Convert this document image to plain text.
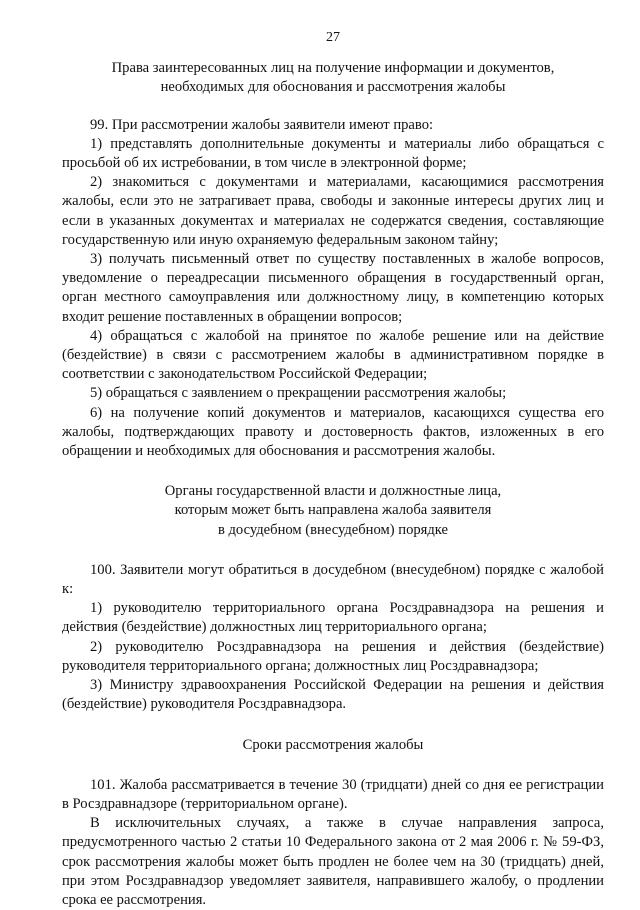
27
Права заинтересованных лиц на получение информации и документов,
необходимых для обоснования и рассмотрения жалобы

99. При рассмотрении жалобы заявители имеют право:

1) представлять дополнительные документы и материалы либо обращаться с просьбой об их истребовании, в том числе в электронной форме;

2) знакомиться с документами и материалами, касающимися рассмотрения жалобы, если это не затрагивает права, свободы и законные интересы других лиц и если в указанных документах и материалах не содержатся сведения, составляющие государственную или иную охраняемую федеральным законом тайну;

3) получать письменный ответ по существу поставленных в жалобе вопросов, уведомление о переадресации письменного обращения в государственный орган, орган местного самоуправления или должностному лицу, в компетенцию которых входит решение поставленных в обращении вопросов;

4) обращаться с жалобой на принятое по жалобе решение или на действие (бездействие) в связи с рассмотрением жалобы в административном порядке в соответствии с законодательством Российской Федерации;

5) обращаться с заявлением о прекращении рассмотрения жалобы;

6) на получение копий документов и материалов, касающихся существа его жалобы, подтверждающих правоту и достоверность фактов, изложенных в его обращении и необходимых для обоснования и рассмотрения жалобы.

Органы государственной власти и должностные лица,
которым может быть направлена жалоба заявителя
в досудебном (внесудебном) порядке

100. Заявители могут обратиться в досудебном (внесудебном) порядке с жалобой к:

1) руководителю территориального органа Росздравнадзора на решения и действия (бездействие) должностных лиц территориального органа;

2) руководителю Росздравнадзора на решения и действия (бездействие) руководителя территориального органа; должностных лиц Росздравнадзора;

3) Министру здравоохранения Российской Федерации на решения и действия (бездействие) руководителя Росздравнадзора.

Сроки рассмотрения жалобы

101. Жалоба рассматривается в течение 30 (тридцати) дней со дня ее регистрации в Росздравнадзоре (территориальном органе).

В исключительных случаях, а также в случае направления запроса, предусмотренного частью 2 статьи 10 Федерального закона от 2 мая 2006 г. № 59-ФЗ, срок рассмотрения жалобы может быть продлен не более чем на 30 (тридцать) дней, при этом Росздравнадзор уведомляет заявителя, направившего жалобу, о продлении срока ее рассмотрения.
